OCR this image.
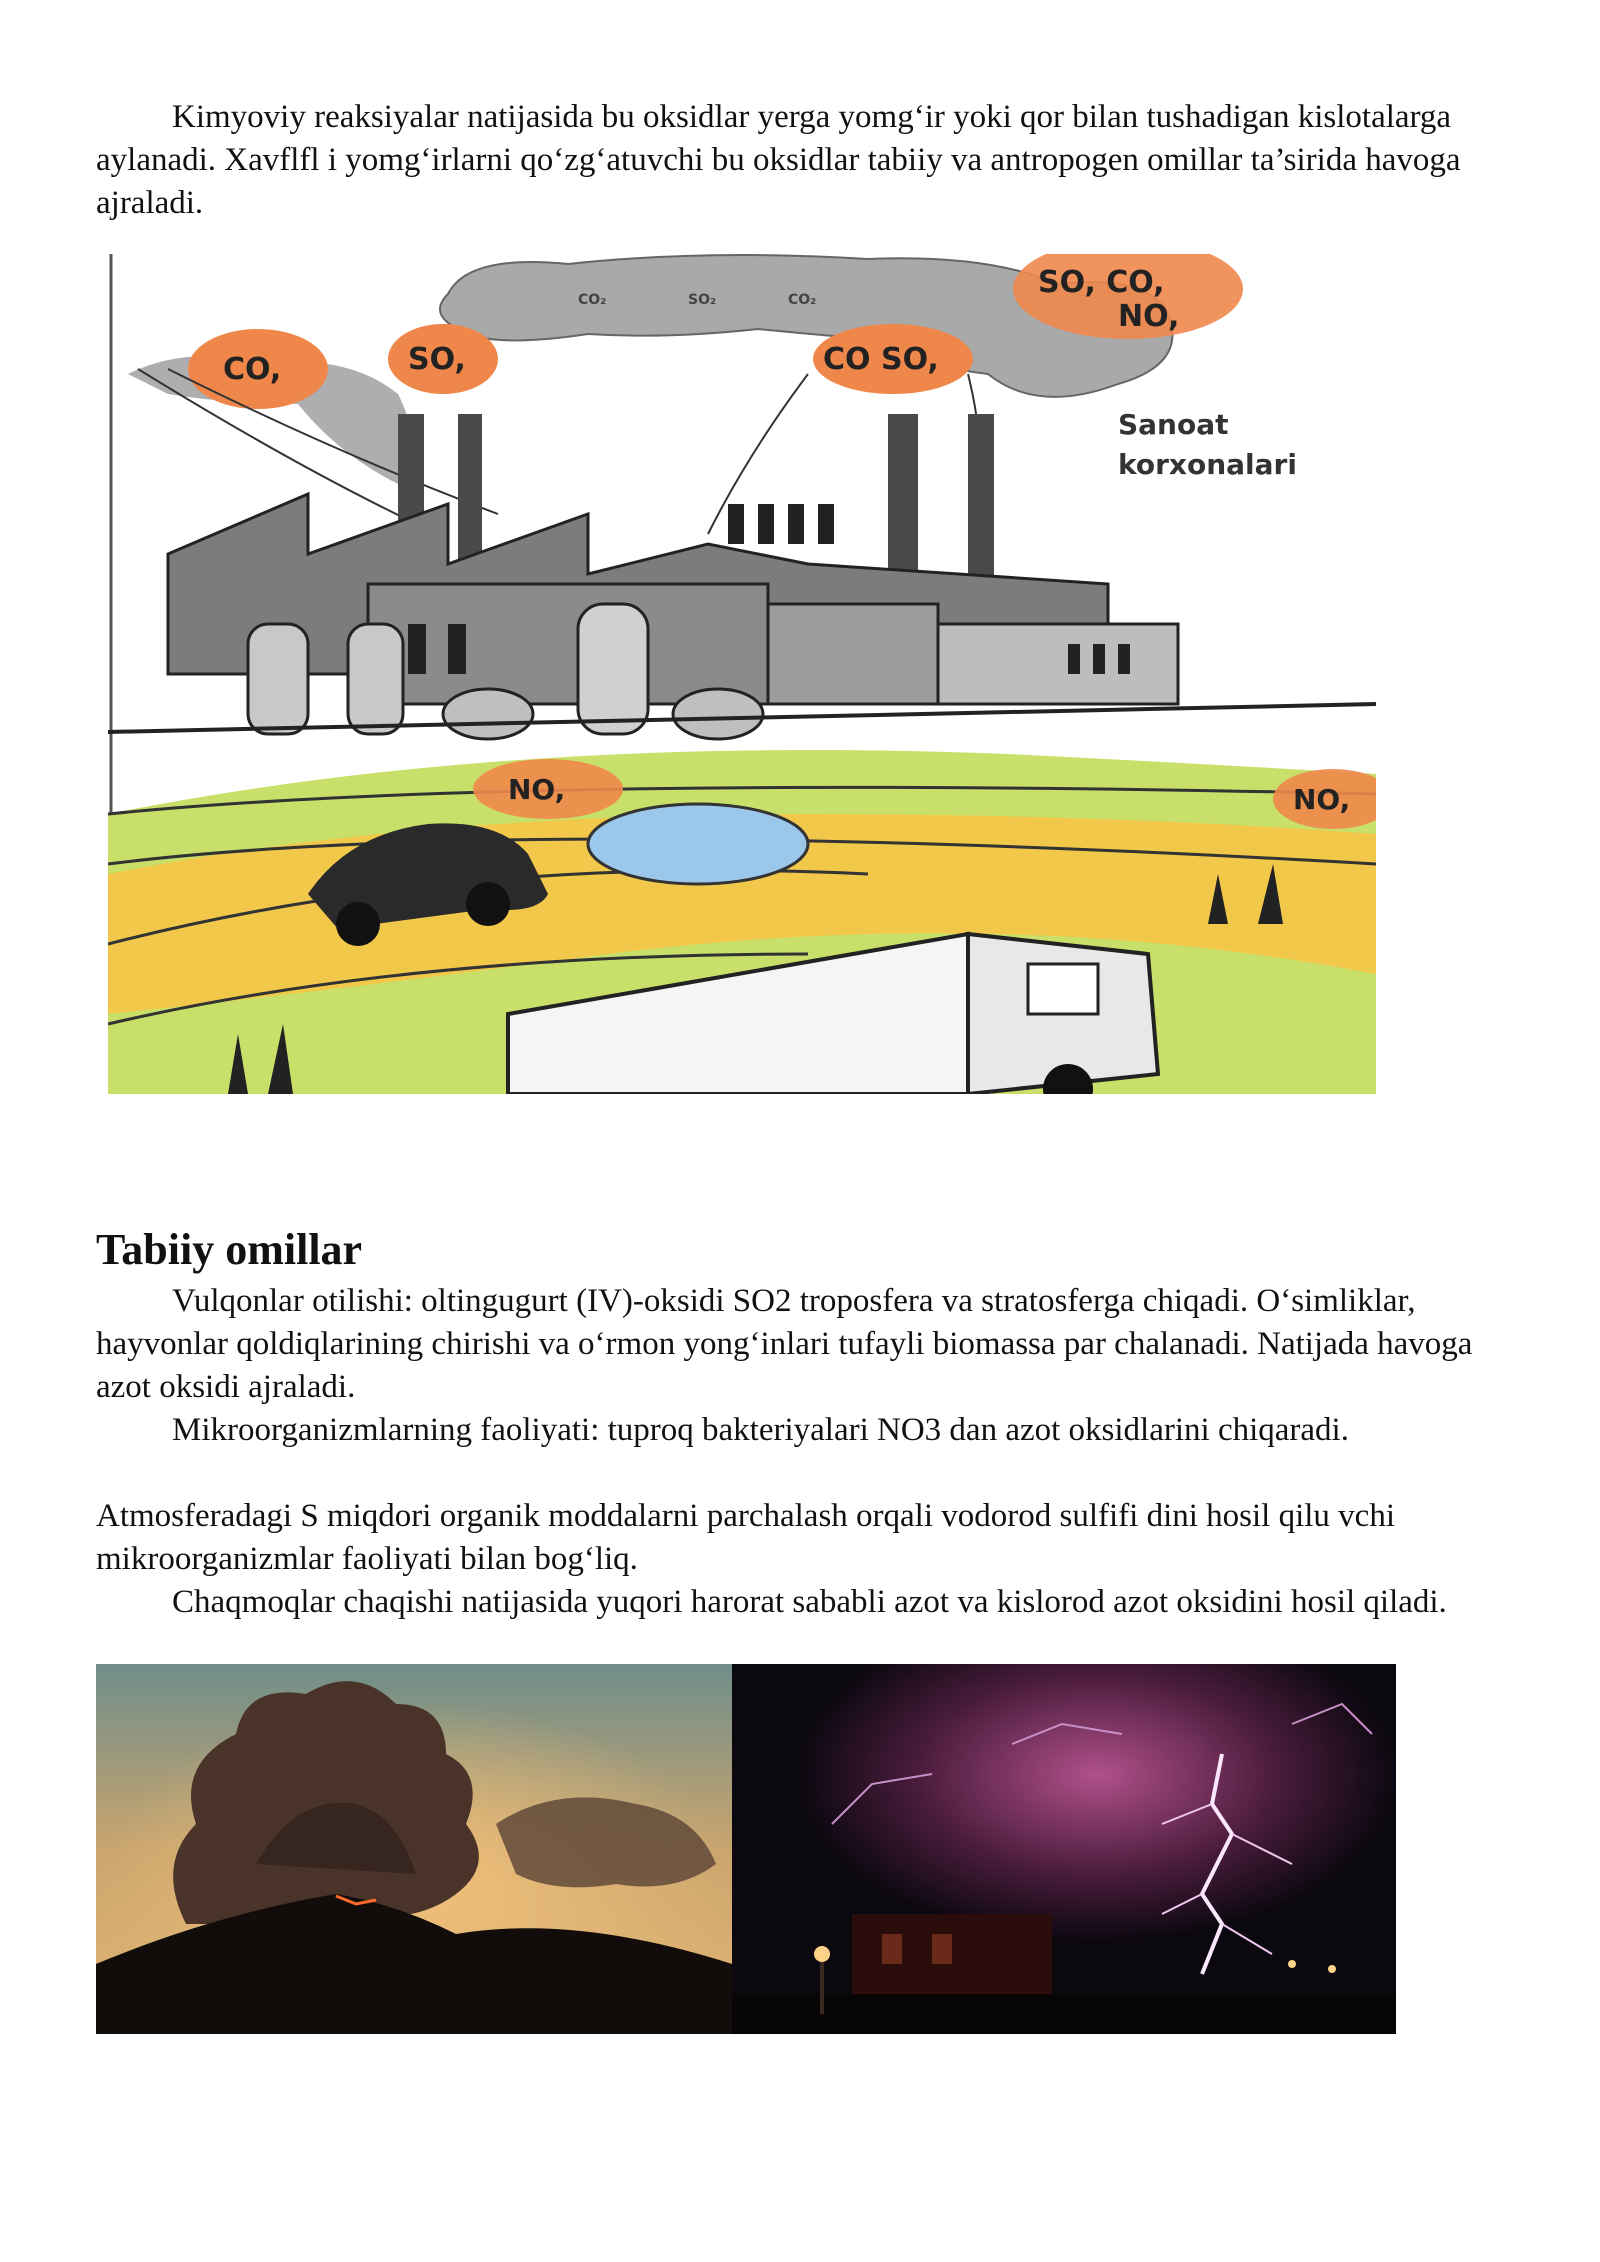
Kimyoviy reaksiyalar natijasida bu oksidlar yerga yomg‘ir yoki qor bilan tushadigan kislotalarga aylanadi. Xavflfl i yomg‘irlarni qo‘zg‘atuvchi bu oksidlar tabiiy va antropogen omillar ta’sirida havoga ajraladi.

CO₂	SO₂	CO₂	SO, CO,
NO,
CO,	SO,	CO SO,
Sanoat
korxonalari
NO,	NO,
Tabiiy omillar

Vulqonlar otilishi: oltingugurt (IV)-oksidi SO2 troposfera va stratosferga chiqadi. O‘simliklar, hayvonlar qoldiqlarining chirishi va o‘rmon yong‘inlari tufayli biomassa par chalanadi. Natijada havoga azot oksidi ajraladi.

Mikroorganizmlarning faoliyati: tuproq bakteriyalari NO3 dan azot oksidlarini chiqaradi.

Atmosferadagi S miqdori organik moddalarni parchalash orqali vodorod sulfifi dini hosil qilu vchi mikroorganizmlar faoliyati bilan bog‘liq.

Chaqmoqlar chaqishi natijasida yuqori harorat sababli azot va kislorod azot oksidini hosil qiladi.
